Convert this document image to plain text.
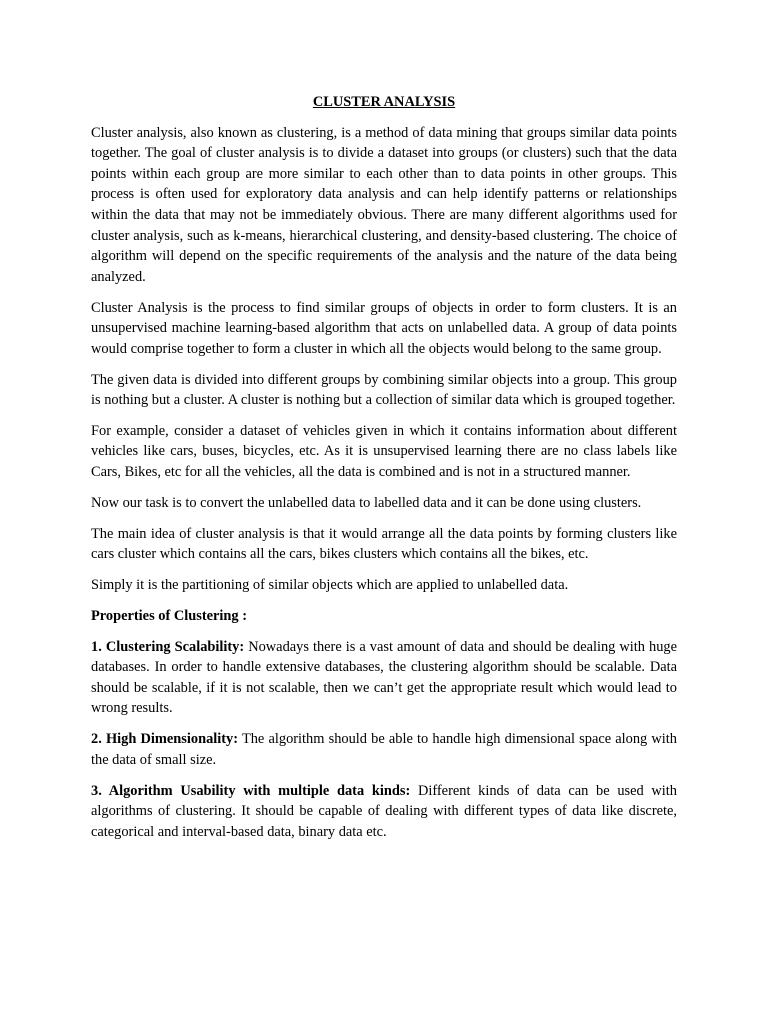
CLUSTER ANALYSIS

Cluster analysis, also known as clustering, is a method of data mining that groups similar data points together. The goal of cluster analysis is to divide a dataset into groups (or clusters) such that the data points within each group are more similar to each other than to data points in other groups. This process is often used for exploratory data analysis and can help identify patterns or relationships within the data that may not be immediately obvious. There are many different algorithms used for cluster analysis, such as k-means, hierarchical clustering, and density-based clustering. The choice of algorithm will depend on the specific requirements of the analysis and the nature of the data being analyzed.

Cluster Analysis is the process to find similar groups of objects in order to form clusters. It is an unsupervised machine learning-based algorithm that acts on unlabelled data. A group of data points would comprise together to form a cluster in which all the objects would belong to the same group.

The given data is divided into different groups by combining similar objects into a group. This group is nothing but a cluster. A cluster is nothing but a collection of similar data which is grouped together.

For example, consider a dataset of vehicles given in which it contains information about different vehicles like cars, buses, bicycles, etc. As it is unsupervised learning there are no class labels like Cars, Bikes, etc for all the vehicles, all the data is combined and is not in a structured manner.

Now our task is to convert the unlabelled data to labelled data and it can be done using clusters.

The main idea of cluster analysis is that it would arrange all the data points by forming clusters like cars cluster which contains all the cars, bikes clusters which contains all the bikes, etc.

Simply it is the partitioning of similar objects which are applied to unlabelled data.

Properties of Clustering :

1. Clustering Scalability: Nowadays there is a vast amount of data and should be dealing with huge databases. In order to handle extensive databases, the clustering algorithm should be scalable. Data should be scalable, if it is not scalable, then we can’t get the appropriate result which would lead to wrong results.

2. High Dimensionality: The algorithm should be able to handle high dimensional space along with the data of small size.

3. Algorithm Usability with multiple data kinds: Different kinds of data can be used with algorithms of clustering. It should be capable of dealing with different types of data like discrete, categorical and interval-based data, binary data etc.
